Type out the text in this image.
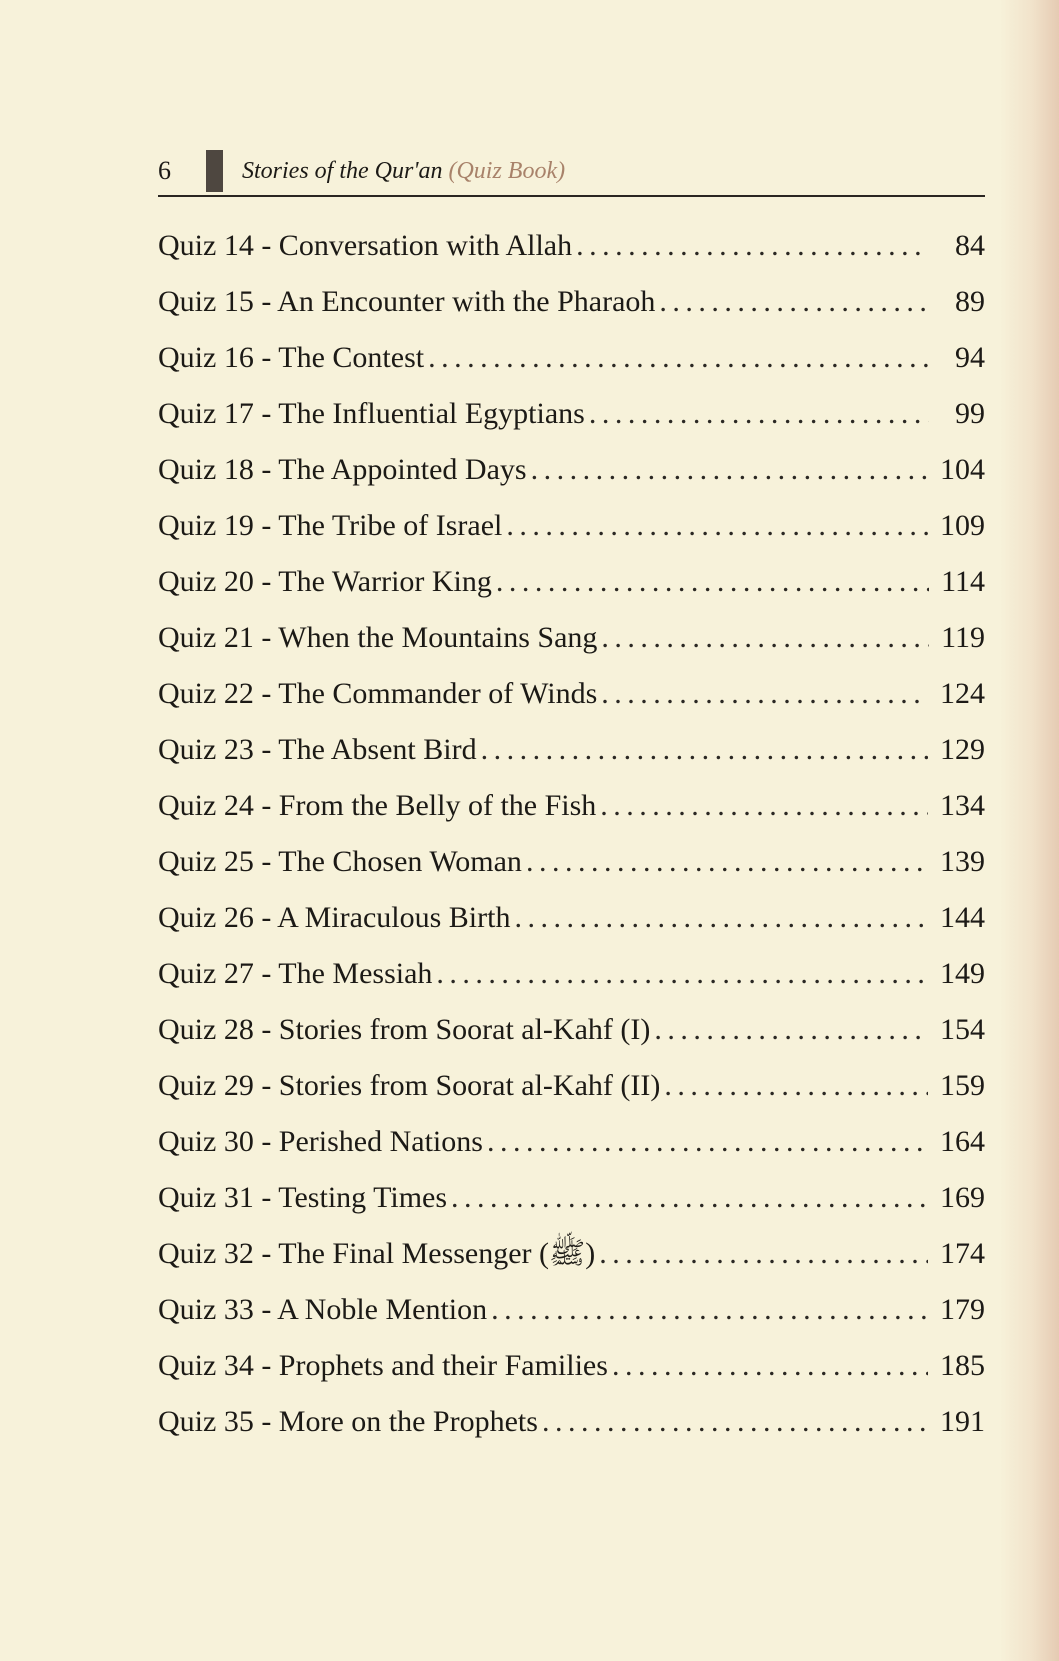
6	Stories of the Qur'an (Quiz Book)
Quiz 14 - Conversation with Allah . . .	84
Quiz 15 - An Encounter with the Pharaoh . . .	89
Quiz 16 - The Contest . . .	94
Quiz 17 - The Influential Egyptians . . .	99
Quiz 18 - The Appointed Days . . .	104
Quiz 19 - The Tribe of Israel . . .	109
Quiz 20 - The Warrior King . . .	114
Quiz 21 - When the Mountains Sang . . .	119
Quiz 22 - The Commander of Winds . . .	124
Quiz 23 - The Absent Bird . . .	129
Quiz 24 - From the Belly of the Fish . . .	134
Quiz 25 - The Chosen Woman . . .	139
Quiz 26 - A Miraculous Birth . . .	144
Quiz 27 - The Messiah . . .	149
Quiz 28 - Stories from Soorat al-Kahf (I) . . .	154
Quiz 29 - Stories from Soorat al-Kahf (II) . . .	159
Quiz 30 - Perished Nations . . .	164
Quiz 31 - Testing Times . . .	169
Quiz 32 - The Final Messenger (ﷺ) . . .	174
Quiz 33 - A Noble Mention . . .	179
Quiz 34 - Prophets and their Families . . .	185
Quiz 35 - More on the Prophets . . .	191
